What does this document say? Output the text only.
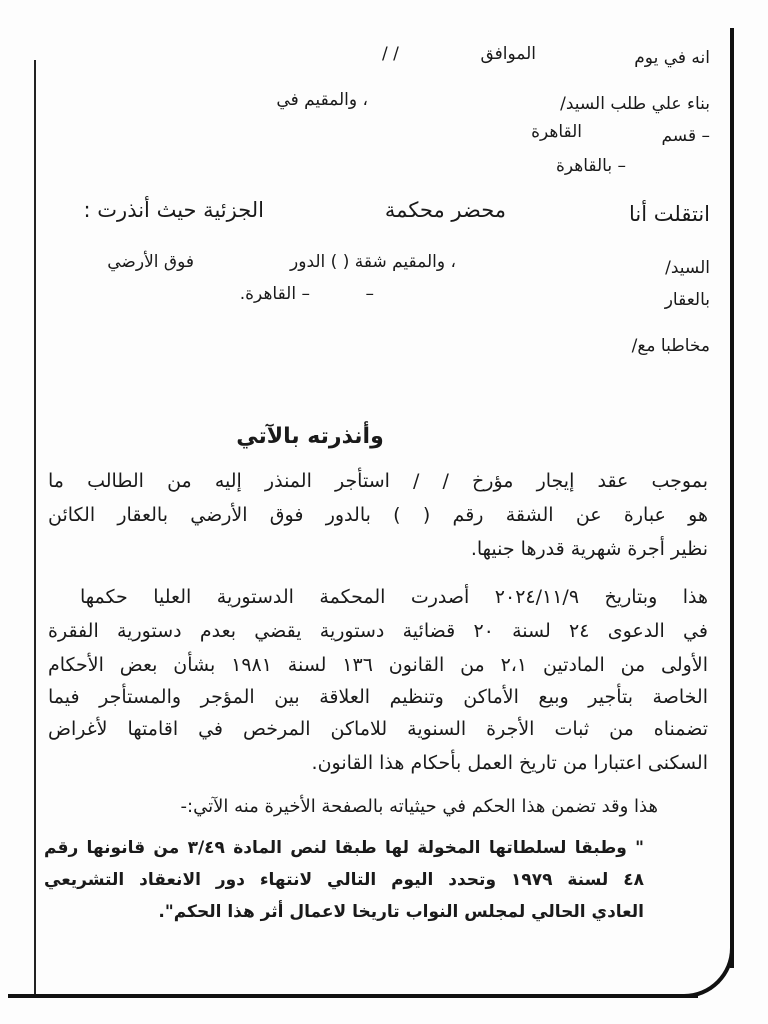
انه في يوم
الموافق
/ /
بناء علي طلب السيد/
، والمقيم في
– قسم
القاهرة
– بالقاهرة
انتقلت أنا
محضر محكمة
الجزئية حيث أنذرت :
السيد/
، والمقيم شقة ( ) الدور
فوق الأرضي
بالعقار
–
– القاهرة.
مخاطبا مع/
وأنذرته بالآتي
بموجب عقد إيجار مؤرخ / / استأجر المنذر إليه من الطالب ما
هو عبارة عن الشقة رقم ( ) بالدور فوق الأرضي بالعقار الكائن
نظير أجرة شهرية قدرها جنيها.
هذا وبتاريخ ٢٠٢٤/١١/٩ أصدرت المحكمة الدستورية العليا حكمها
في الدعوى ٢٤ لسنة ٢٠ قضائية دستورية يقضي بعدم دستورية الفقرة
الأولى من المادتين ٢،١ من القانون ١٣٦ لسنة ١٩٨١ بشأن بعض الأحكام
الخاصة بتأجير وبيع الأماكن وتنظيم العلاقة بين المؤجر والمستأجر فيما
تضمناه من ثبات الأجرة السنوية للاماكن المرخص في اقامتها لأغراض
السكنى اعتبارا من تاريخ العمل بأحكام هذا القانون.
هذا وقد تضمن هذا الحكم في حيثياته بالصفحة الأخيرة منه الآتي:-
" وطبقا لسلطاتها المخولة لها طبقا لنص المادة ٣/٤٩ من قانونها رقم
٤٨ لسنة ١٩٧٩ وتحدد اليوم التالي لانتهاء دور الانعقاد التشريعي
العادي الحالي لمجلس النواب تاريخا لاعمال أثر هذا الحكم".
